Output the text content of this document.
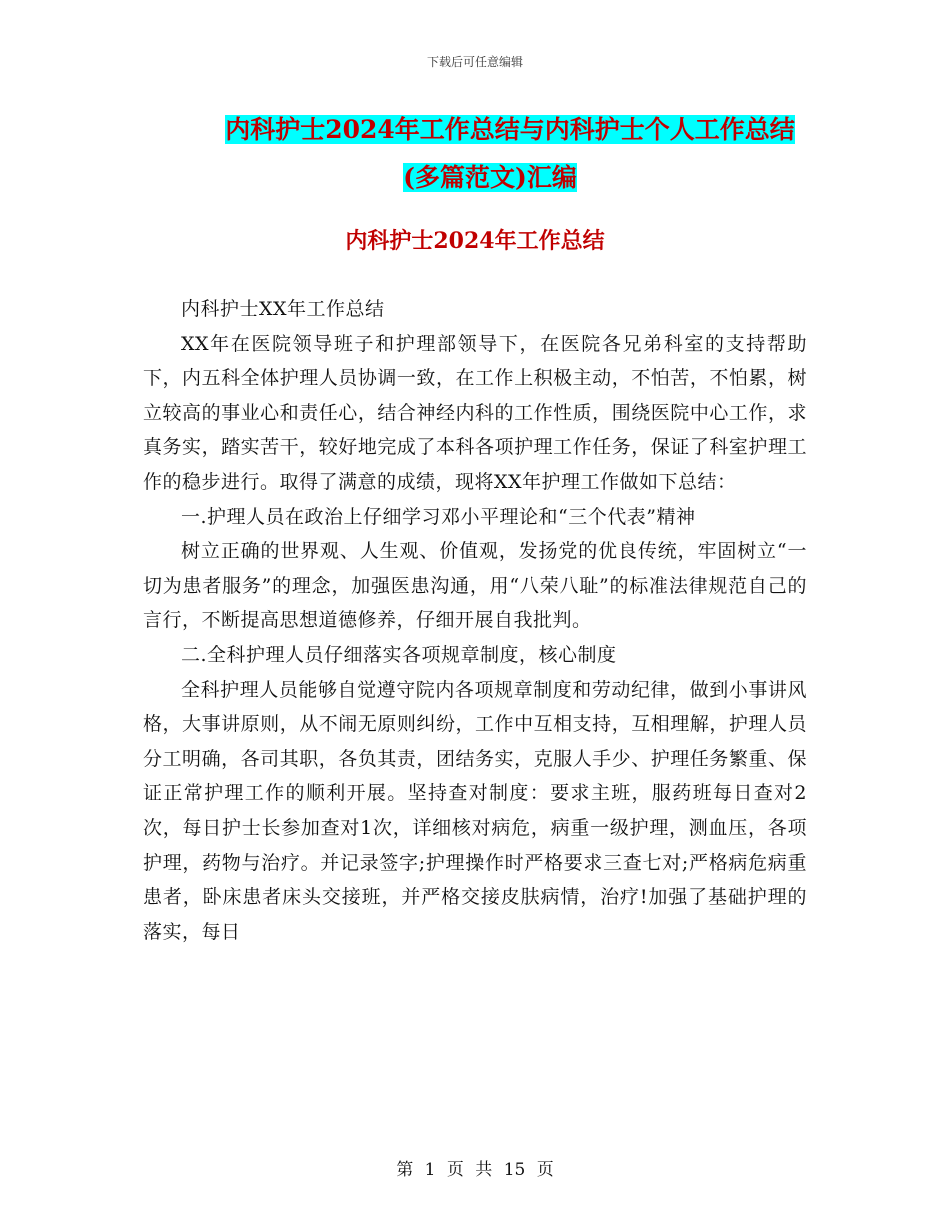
下载后可任意编辑
内科护士2024年工作总结与内科护士个人工作总结
(多篇范文)汇编
内科护士2024年工作总结

内科护士XX年工作总结

XX年在医院领导班子和护理部领导下，在医院各兄弟科室的支持帮助下，内五科全体护理人员协调一致，在工作上积极主动，不怕苦，不怕累，树立较高的事业心和责任心，结合神经内科的工作性质，围绕医院中心工作，求真务实，踏实苦干，较好地完成了本科各项护理工作任务，保证了科室护理工作的稳步进行。取得了满意的成绩，现将XX年护理工作做如下总结：

一.护理人员在政治上仔细学习邓小平理论和“三个代表”精神

树立正确的世界观、人生观、价值观，发扬党的优良传统，牢固树立“一切为患者服务”的理念，加强医患沟通，用“八荣八耻”的标准法律规范自己的言行，不断提高思想道德修养，仔细开展自我批判。

二.全科护理人员仔细落实各项规章制度，核心制度

全科护理人员能够自觉遵守院内各项规章制度和劳动纪律，做到小事讲风格，大事讲原则，从不闹无原则纠纷，工作中互相支持，互相理解，护理人员分工明确，各司其职，各负其责，团结务实，克服人手少、护理任务繁重、保证正常护理工作的顺利开展。坚持查对制度：要求主班，服药班每日查对2次，每日护士长参加查对1次，详细核对病危，病重一级护理，测血压，各项护理，药物与治疗。并记录签字;护理操作时严格要求三查七对;严格病危病重患者，卧床患者床头交接班，并严格交接皮肤病情，治疗!加强了基础护理的落实，每日

第 1 页 共 15 页
